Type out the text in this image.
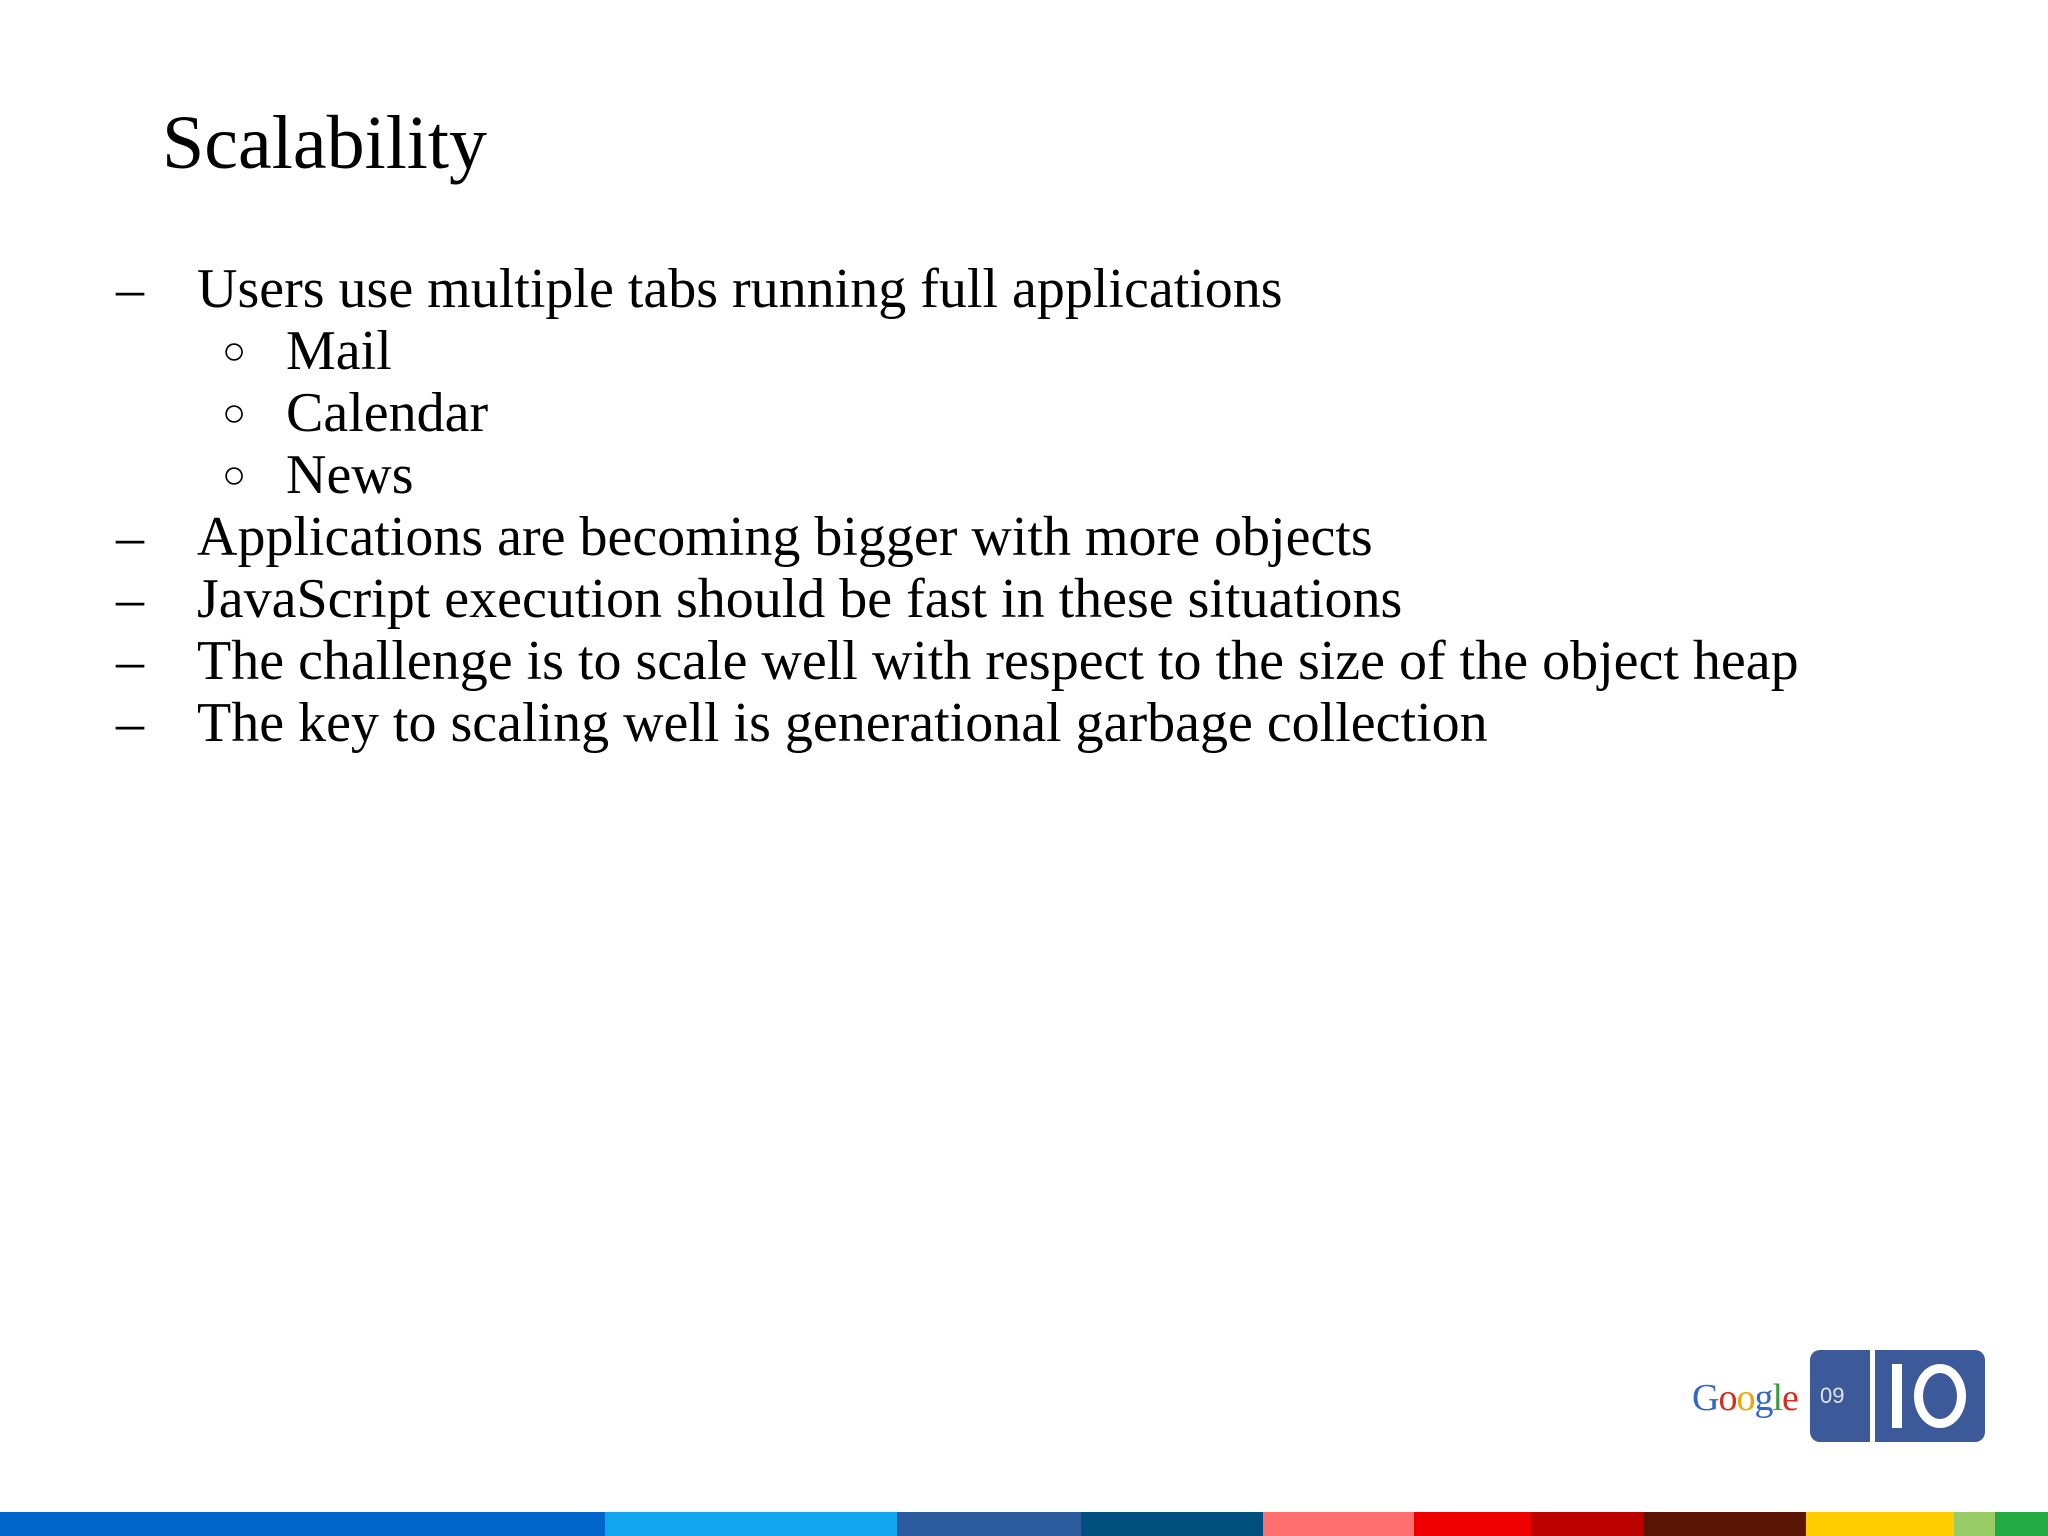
Scalability
– Users use multiple tabs running full applications
○ Mail
○ Calendar
○ News
– Applications are becoming bigger with more objects
– JavaScript execution should be fast in these situations
– The challenge is to scale well with respect to the size of the object heap
– The key to scaling well is generational garbage collection
Google 09
